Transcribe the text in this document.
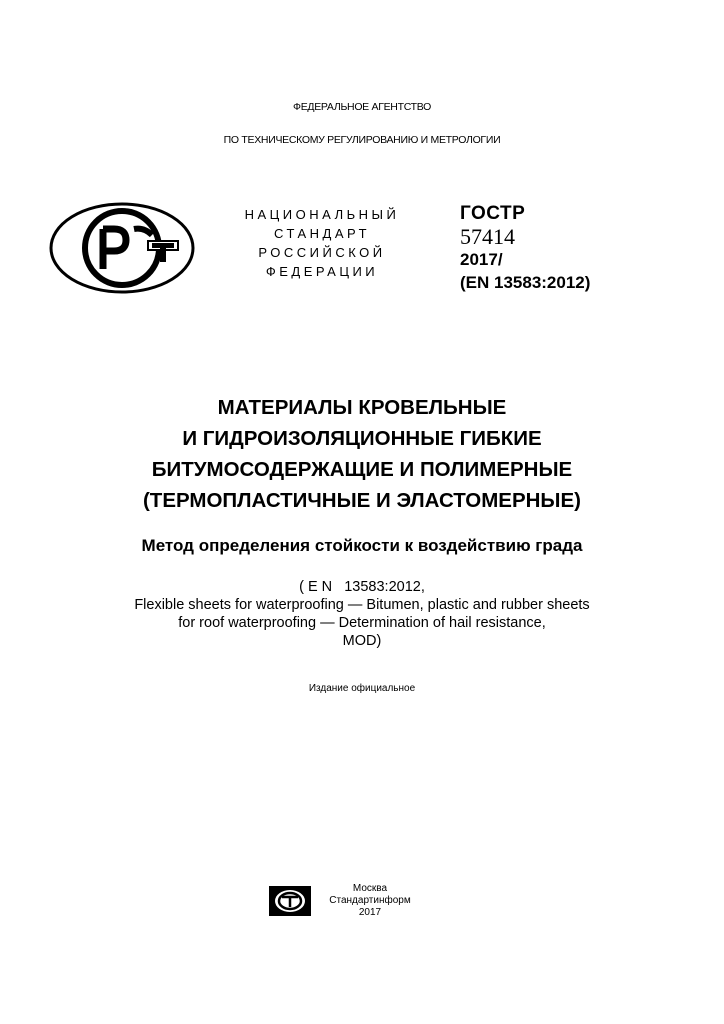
ФЕДЕРАЛЬНОЕ АГЕНТСТВО
ПО ТЕХНИЧЕСКОМУ РЕГУЛИРОВАНИЮ И МЕТРОЛОГИИ
НАЦИОНАЛЬНЫЙ
СТАНДАРТ
РОССИЙСКОЙ
ФЕДЕРАЦИИ
ГОСТР
57414
2017/
(EN 13583:2012)
МАТЕРИАЛЫ КРОВЕЛЬНЫЕ
И ГИДРОИЗОЛЯЦИОННЫЕ ГИБКИЕ
БИТУМОСОДЕРЖАЩИЕ И ПОЛИМЕРНЫЕ
(ТЕРМОПЛАСТИЧНЫЕ И ЭЛАСТОМЕРНЫЕ)
Метод определения стойкости к воздействию града
( E N   13583:2012,
Flexible sheets for waterproofing — Bitumen, plastic and rubber sheets
for roof waterproofing — Determination of hail resistance,
MOD)
Издание официальное
Москва
Стандартинформ
2017
